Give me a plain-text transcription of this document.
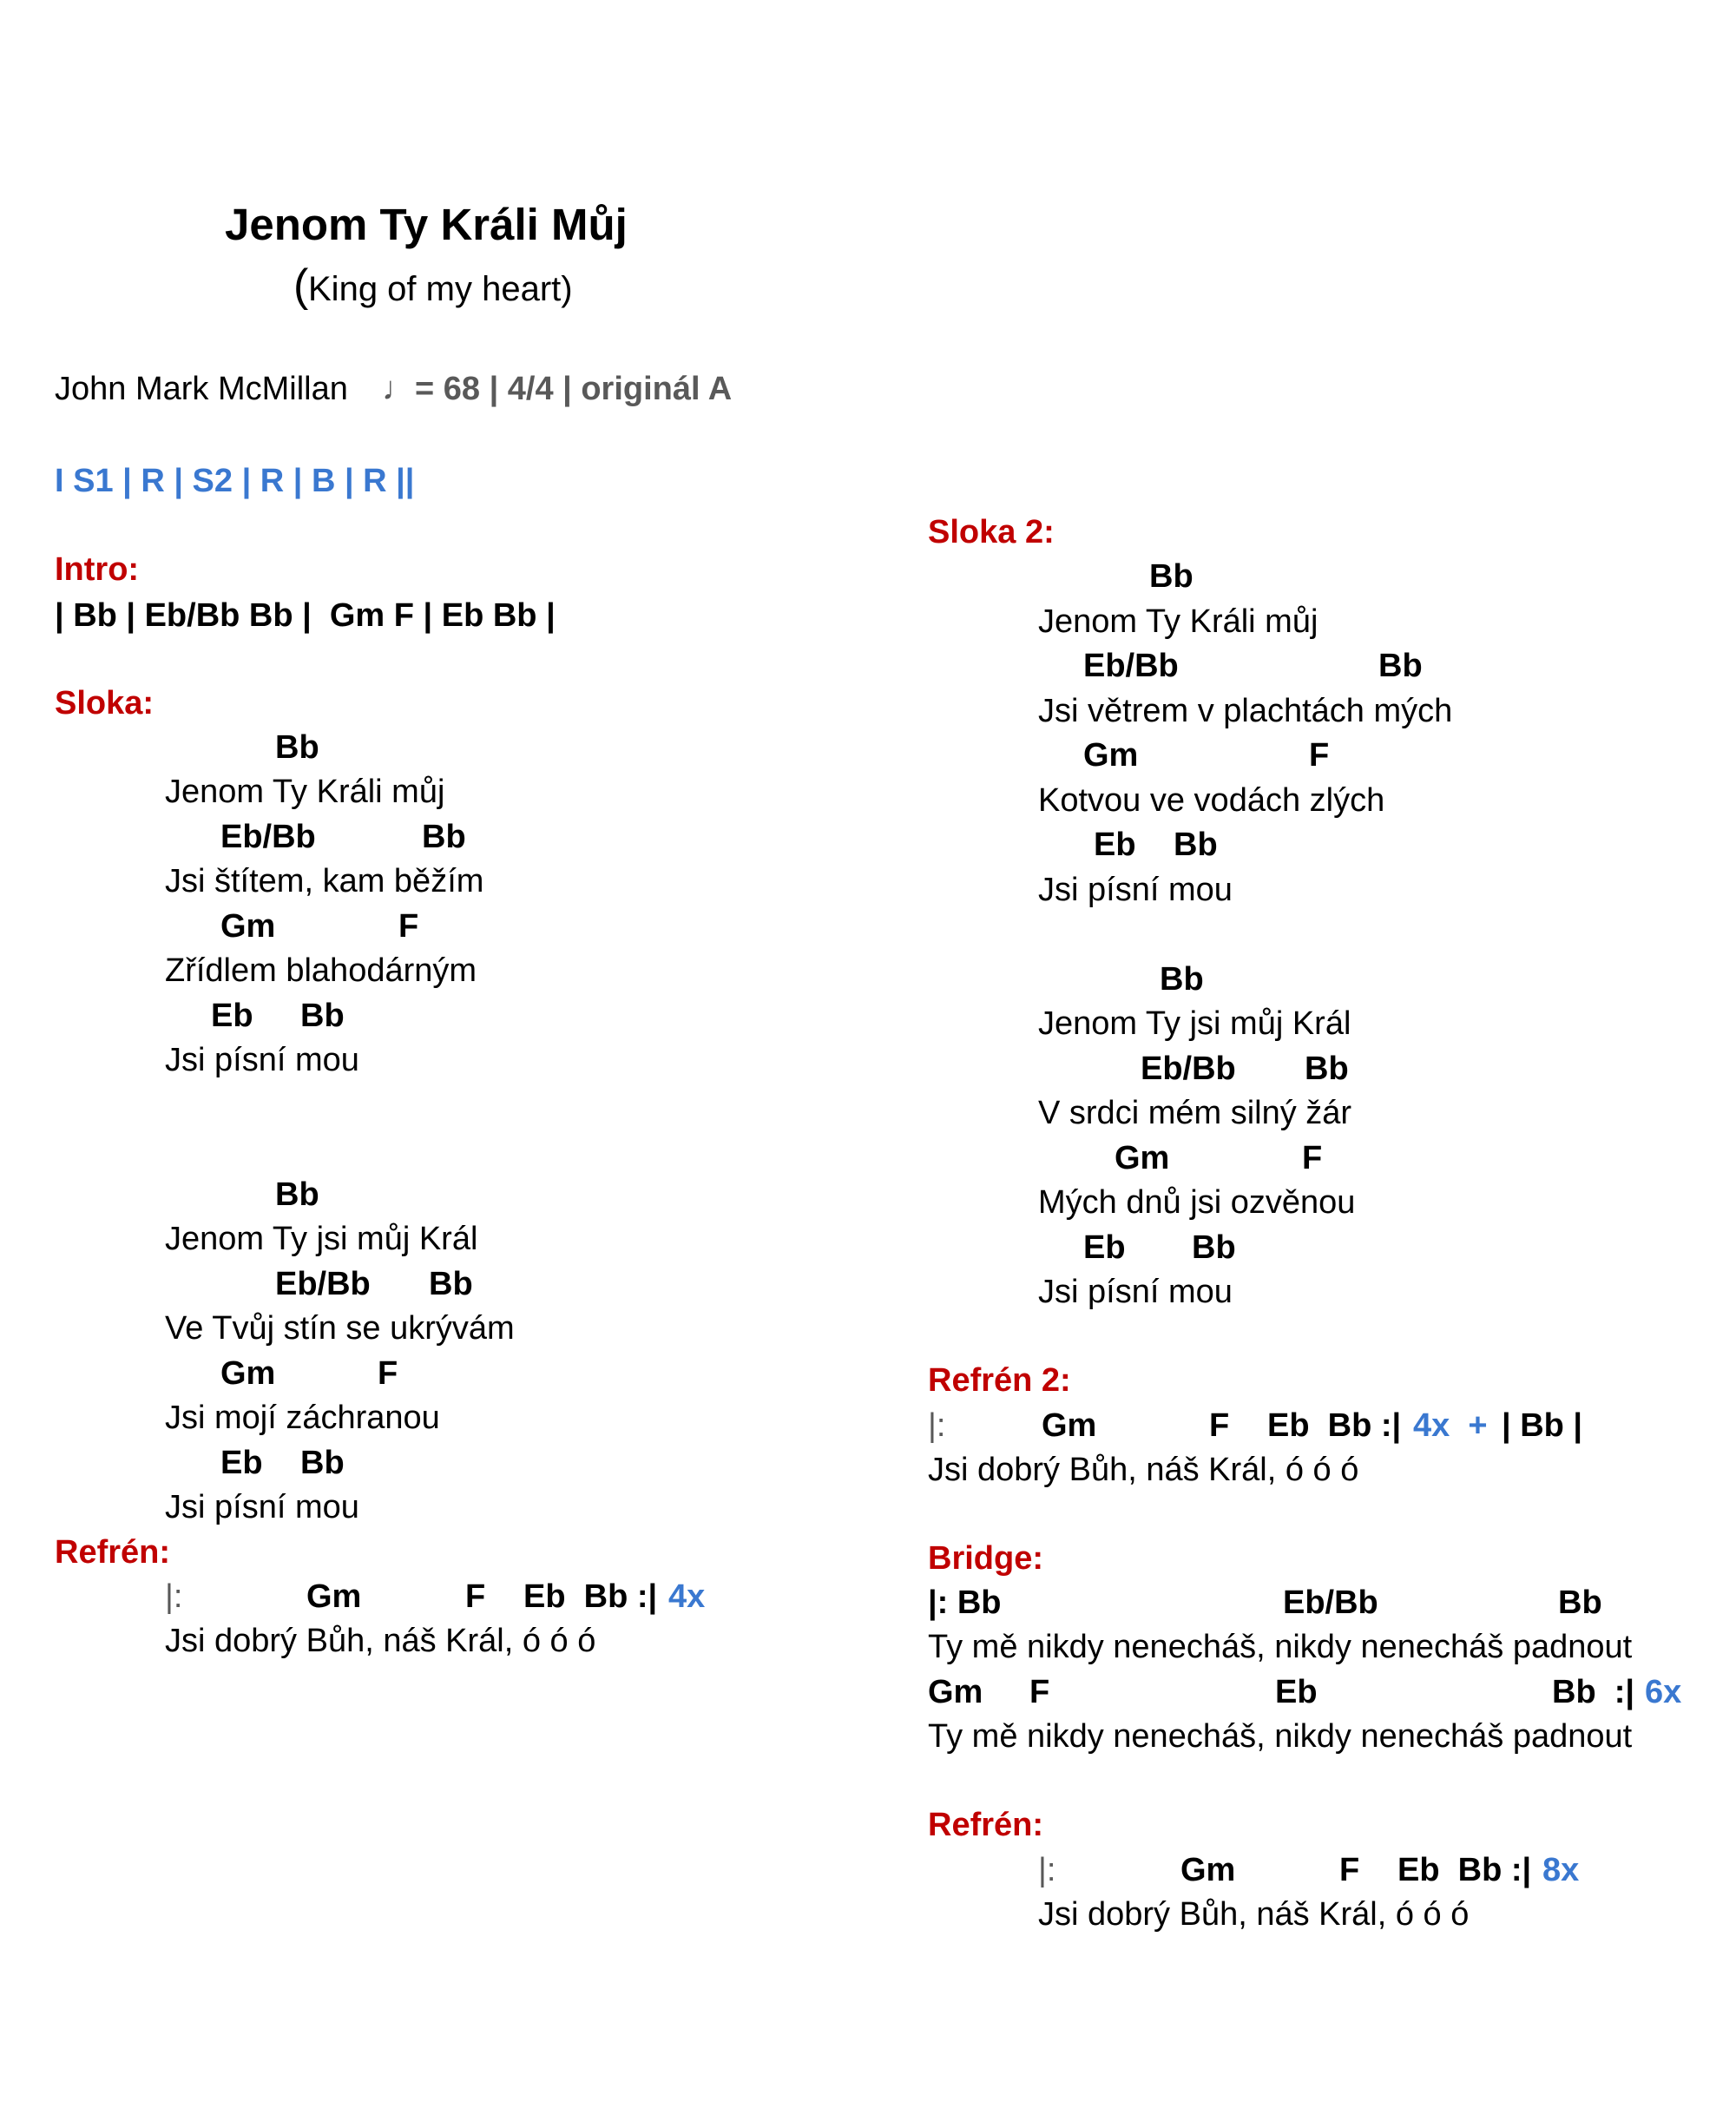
Jenom Ty Králi Můj
( King of my heart)
John Mark McMillan ♩= 68 | 4/4 | originál A
I S1 | R | S2 | R | B | R ||
Intro:
| Bb | Eb/Bb Bb |  Gm F | Eb Bb |
Sloka:
Bb
Jenom Ty Králi můj
Eb/Bb	Bb
Jsi štítem, kam běžím
Gm	F
Zřídlem blahodárným
Eb Bb
Jsi písní mou
Bb
Jenom Ty jsi můj Král
Eb/Bb Bb
Ve Tvůj stín se ukrývám
Gm	F
Jsi mojí záchranou
Eb Bb
Jsi písní mou
Refrén:
|:	Gm	F Eb  Bb :| 4x
Jsi dobrý Bůh, náš Král, ó ó ó
Sloka 2:
Bb
Jenom Ty Králi můj
Eb/Bb	Bb
Jsi větrem v plachtách mých
Gm	F
Kotvou ve vodách zlých
Eb Bb
Jsi písní mou
Bb
Jenom Ty jsi můj Král
Eb/Bb Bb
V srdci mém silný žár
Gm	F
Mých dnů jsi ozvěnou
Eb Bb
Jsi písní mou
Refrén 2:
|:	Gm	F Eb  Bb :| 4x  + | Bb |
Jsi dobrý Bůh, náš Král, ó ó ó
Bridge:
|: Bb	Eb/Bb	Bb
Ty mě nikdy nenecháš, nikdy nenecháš padnout
Gm F	Eb	Bb  :| 6x
Ty mě nikdy nenecháš, nikdy nenecháš padnout
Refrén:
|:	Gm	F Eb  Bb :| 8x
Jsi dobrý Bůh, náš Král, ó ó ó
